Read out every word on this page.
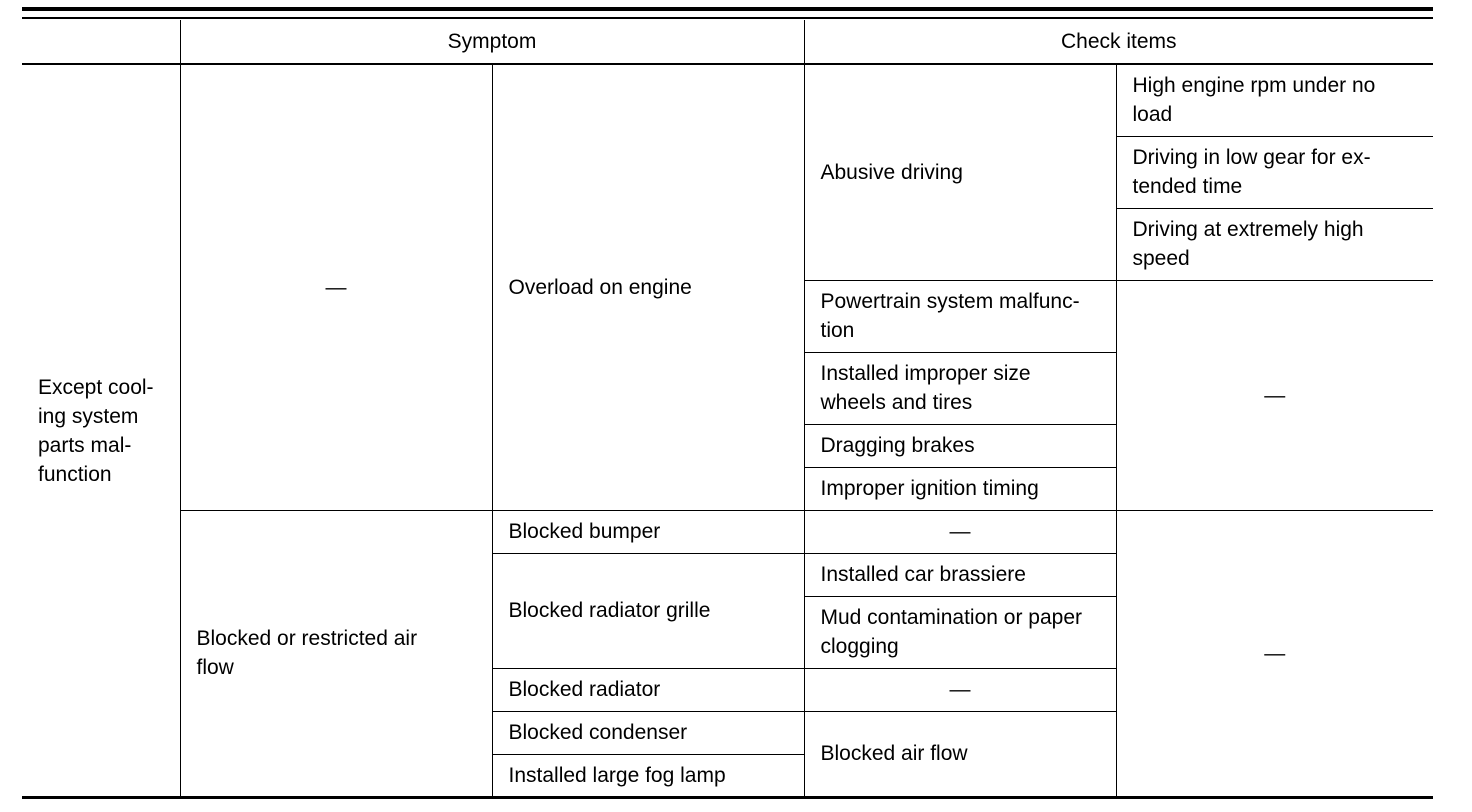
	Symptom		Check items	
Except cool-
ing system
parts mal-
function	—	Overload on engine	Abusive driving	High engine rpm under no
load
				Driving in low gear for ex-
tended time
				Driving at extremely high
speed
			Powertrain system malfunc-
tion	—
			Installed improper size
wheels and tires	
			Dragging brakes	
			Improper ignition timing	
	Blocked or restricted air
flow	Blocked bumper	—	—
		Blocked radiator grille	Installed car brassiere	
			Mud contamination or paper
clogging	
		Blocked radiator	—	
		Blocked condenser	Blocked air flow	
		Installed large fog lamp		
